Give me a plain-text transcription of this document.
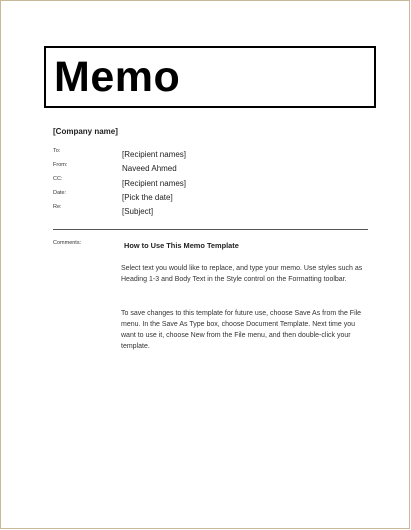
Memo
[Company name]
To:	[Recipient names]
From:	Naveed Ahmed
CC:	[Recipient names]
Date:	[Pick the date]
Re:	[Subject]
Comments:	How to Use This Memo Template

Select text you would like to replace, and type your memo. Use styles such as Heading 1-3 and Body Text in the Style control on the Formatting toolbar.

To save changes to this template for future use, choose Save As from the File menu. In the Save As Type box, choose Document Template. Next time you want to use it, choose New from the File menu, and then double-click your template.
